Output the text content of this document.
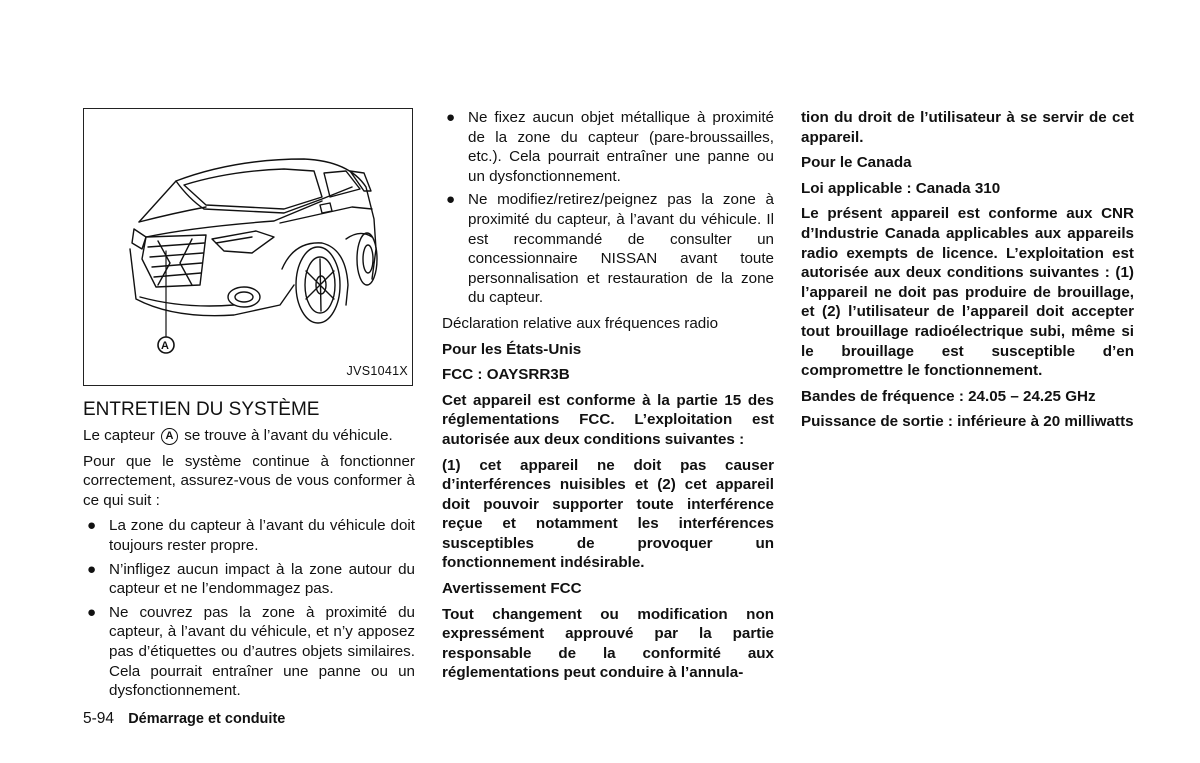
A
JVS1041X
ENTRETIEN DU SYSTÈME

Le capteur A se trouve à l’avant du véhicule.

Pour que le système continue à fonctionner correctement, assurez-vous de vous conformer à ce qui suit :

● La zone du capteur à l’avant du véhicule doit toujours rester propre.
● N’infligez aucun impact à la zone autour du capteur et ne l’endommagez pas.
● Ne couvrez pas la zone à proximité du capteur, à l’avant du véhicule, et n’y apposez pas d’étiquettes ou d’autres objets similaires. Cela pourrait entraîner une panne ou un dysfonctionnement.
● Ne fixez aucun objet métallique à proximité de la zone du capteur (pare-broussailles, etc.). Cela pourrait entraîner une panne ou un dysfonctionnement.
● Ne modifiez/retirez/peignez pas la zone à proximité du capteur, à l’avant du véhicule. Il est recommandé de consulter un concessionnaire NISSAN avant toute personnalisation et restauration de la zone du capteur.

Déclaration relative aux fréquences radio

Pour les États-Unis

FCC : OAYSRR3B

Cet appareil est conforme à la partie 15 des réglementations FCC. L’exploitation est autorisée aux deux conditions suivantes :

(1) cet appareil ne doit pas causer d’interférences nuisibles et (2) cet appareil doit pouvoir supporter toute interférence reçue et notamment les interférences susceptibles de provoquer un fonctionnement indésirable.

Avertissement FCC

Tout changement ou modification non expressément approuvé par la partie responsable de la conformité aux réglementations peut conduire à l’annula-

tion du droit de l’utilisateur à se servir de cet appareil.

Pour le Canada

Loi applicable : Canada 310

Le présent appareil est conforme aux CNR d’Industrie Canada applicables aux appareils radio exempts de licence. L’exploitation est autorisée aux deux conditions suivantes : (1) l’appareil ne doit pas produire de brouillage, et (2) l’utilisateur de l’appareil doit accepter tout brouillage radioélectrique subi, même si le brouillage est susceptible d’en compromettre le fonctionnement.

Bandes de fréquence : 24.05 – 24.25 GHz

Puissance de sortie : inférieure à 20 milliwatts

5-94 Démarrage et conduite
